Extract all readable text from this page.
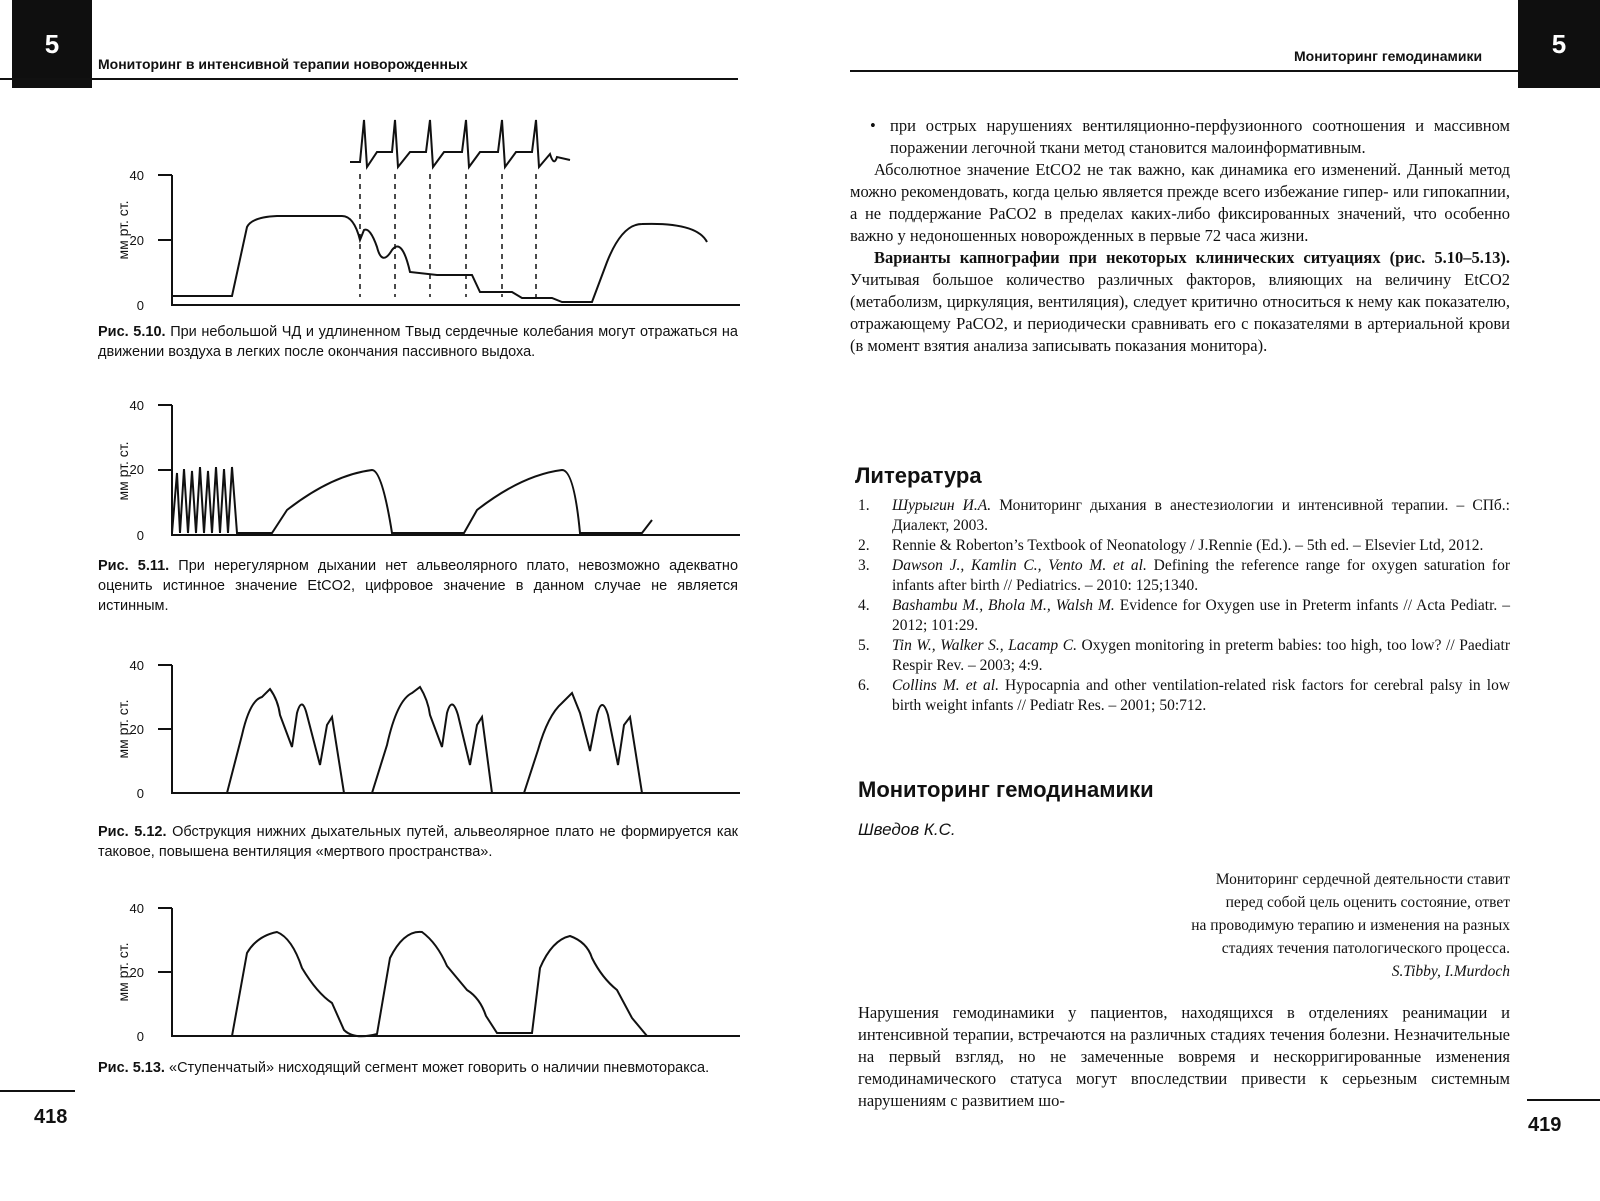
5
Мониторинг в интенсивной терапии новорожденных
мм рт. ст.
0
20
40
Рис. 5.10. При небольшой ЧД и удлиненном Tвыд сердечные колебания могут отражаться на движении воздуха в легких после окончания пассивного выдоха.
мм рт. ст.
0
20
40
Рис. 5.11. При нерегулярном дыхании нет альвеолярного плато, невозможно адекватно оценить истинное значение EtCO2, цифровое значение в данном случае не является истинным.
мм рт. ст.
0
20
40
Рис. 5.12. Обструкция нижних дыхательных путей, альвеолярное плато не формируется как таковое, повышена вентиляция «мертвого пространства».
мм рт. ст.
0
20
40
Рис. 5.13. «Ступенчатый» нисходящий сегмент может говорить о наличии пневмоторакса.
418
5
Мониторинг гемодинамики

• при острых нарушениях вентиляционно-перфузионного соотношения и массивном поражении легочной ткани метод становится малоинформативным.

Абсолютное значение EtCO2 не так важно, как динамика его изменений. Данный метод можно рекомендовать, когда целью является прежде всего избежание гипер- или гипокапнии, а не поддержание PaCO2 в пределах каких-либо фиксированных значений, что особенно важно у недоношенных новорожденных в первые 72 часа жизни.

Варианты капнографии при некоторых клинических ситуациях (рис. 5.10–5.13). Учитывая большое количество различных факторов, влияющих на величину EtCO2 (метаболизм, циркуляция, вентиляция), следует критично относиться к нему как показателю, отражающему PaCO2, и периодически сравнивать его с показателями в артериальной крови (в момент взятия анализа записывать показания монитора).

Литература
1.	Шурыгин И.А. Мониторинг дыхания в анестезиологии и интенсивной терапии. – СПб.: Диалект, 2003.
2.	Rennie & Roberton’s Textbook of Neonatology / J.Rennie (Ed.). – 5th ed. – Elsevier Ltd, 2012.
3.	Dawson J., Kamlin C., Vento M. et al. Defining the reference range for oxygen saturation for infants after birth // Pediatrics. – 2010: 125;1340.
4.	Bashambu M., Bhola M., Walsh M. Evidence for Oxygen use in Preterm infants // Acta Pediatr. – 2012; 101:29.
5.	Tin W., Walker S., Lacamp C. Oxygen monitoring in preterm babies: too high, too low? // Paediatr Respir Rev. – 2003; 4:9.
6.	Collins M. et al. Hypocapnia and other ventilation-related risk factors for cerebral palsy in low birth weight infants // Pediatr Res. – 2001; 50:712.
Мониторинг гемодинамики
Шведов К.С.
Мониторинг сердечной деятельности ставит
перед собой цель оценить состояние, ответ
на проводимую терапию и изменения на разных
стадиях течения патологического процесса.
S.Tibby, I.Murdoch

Нарушения гемодинамики у пациентов, находящихся в отделениях реанимации и интенсивной терапии, встречаются на различных стадиях течения болезни. Незначительные на первый взгляд, но не замеченные вовремя и нескорригированные изменения гемодинамического статуса могут впоследствии привести к серьезным системным нарушениям с развитием шо-

419
